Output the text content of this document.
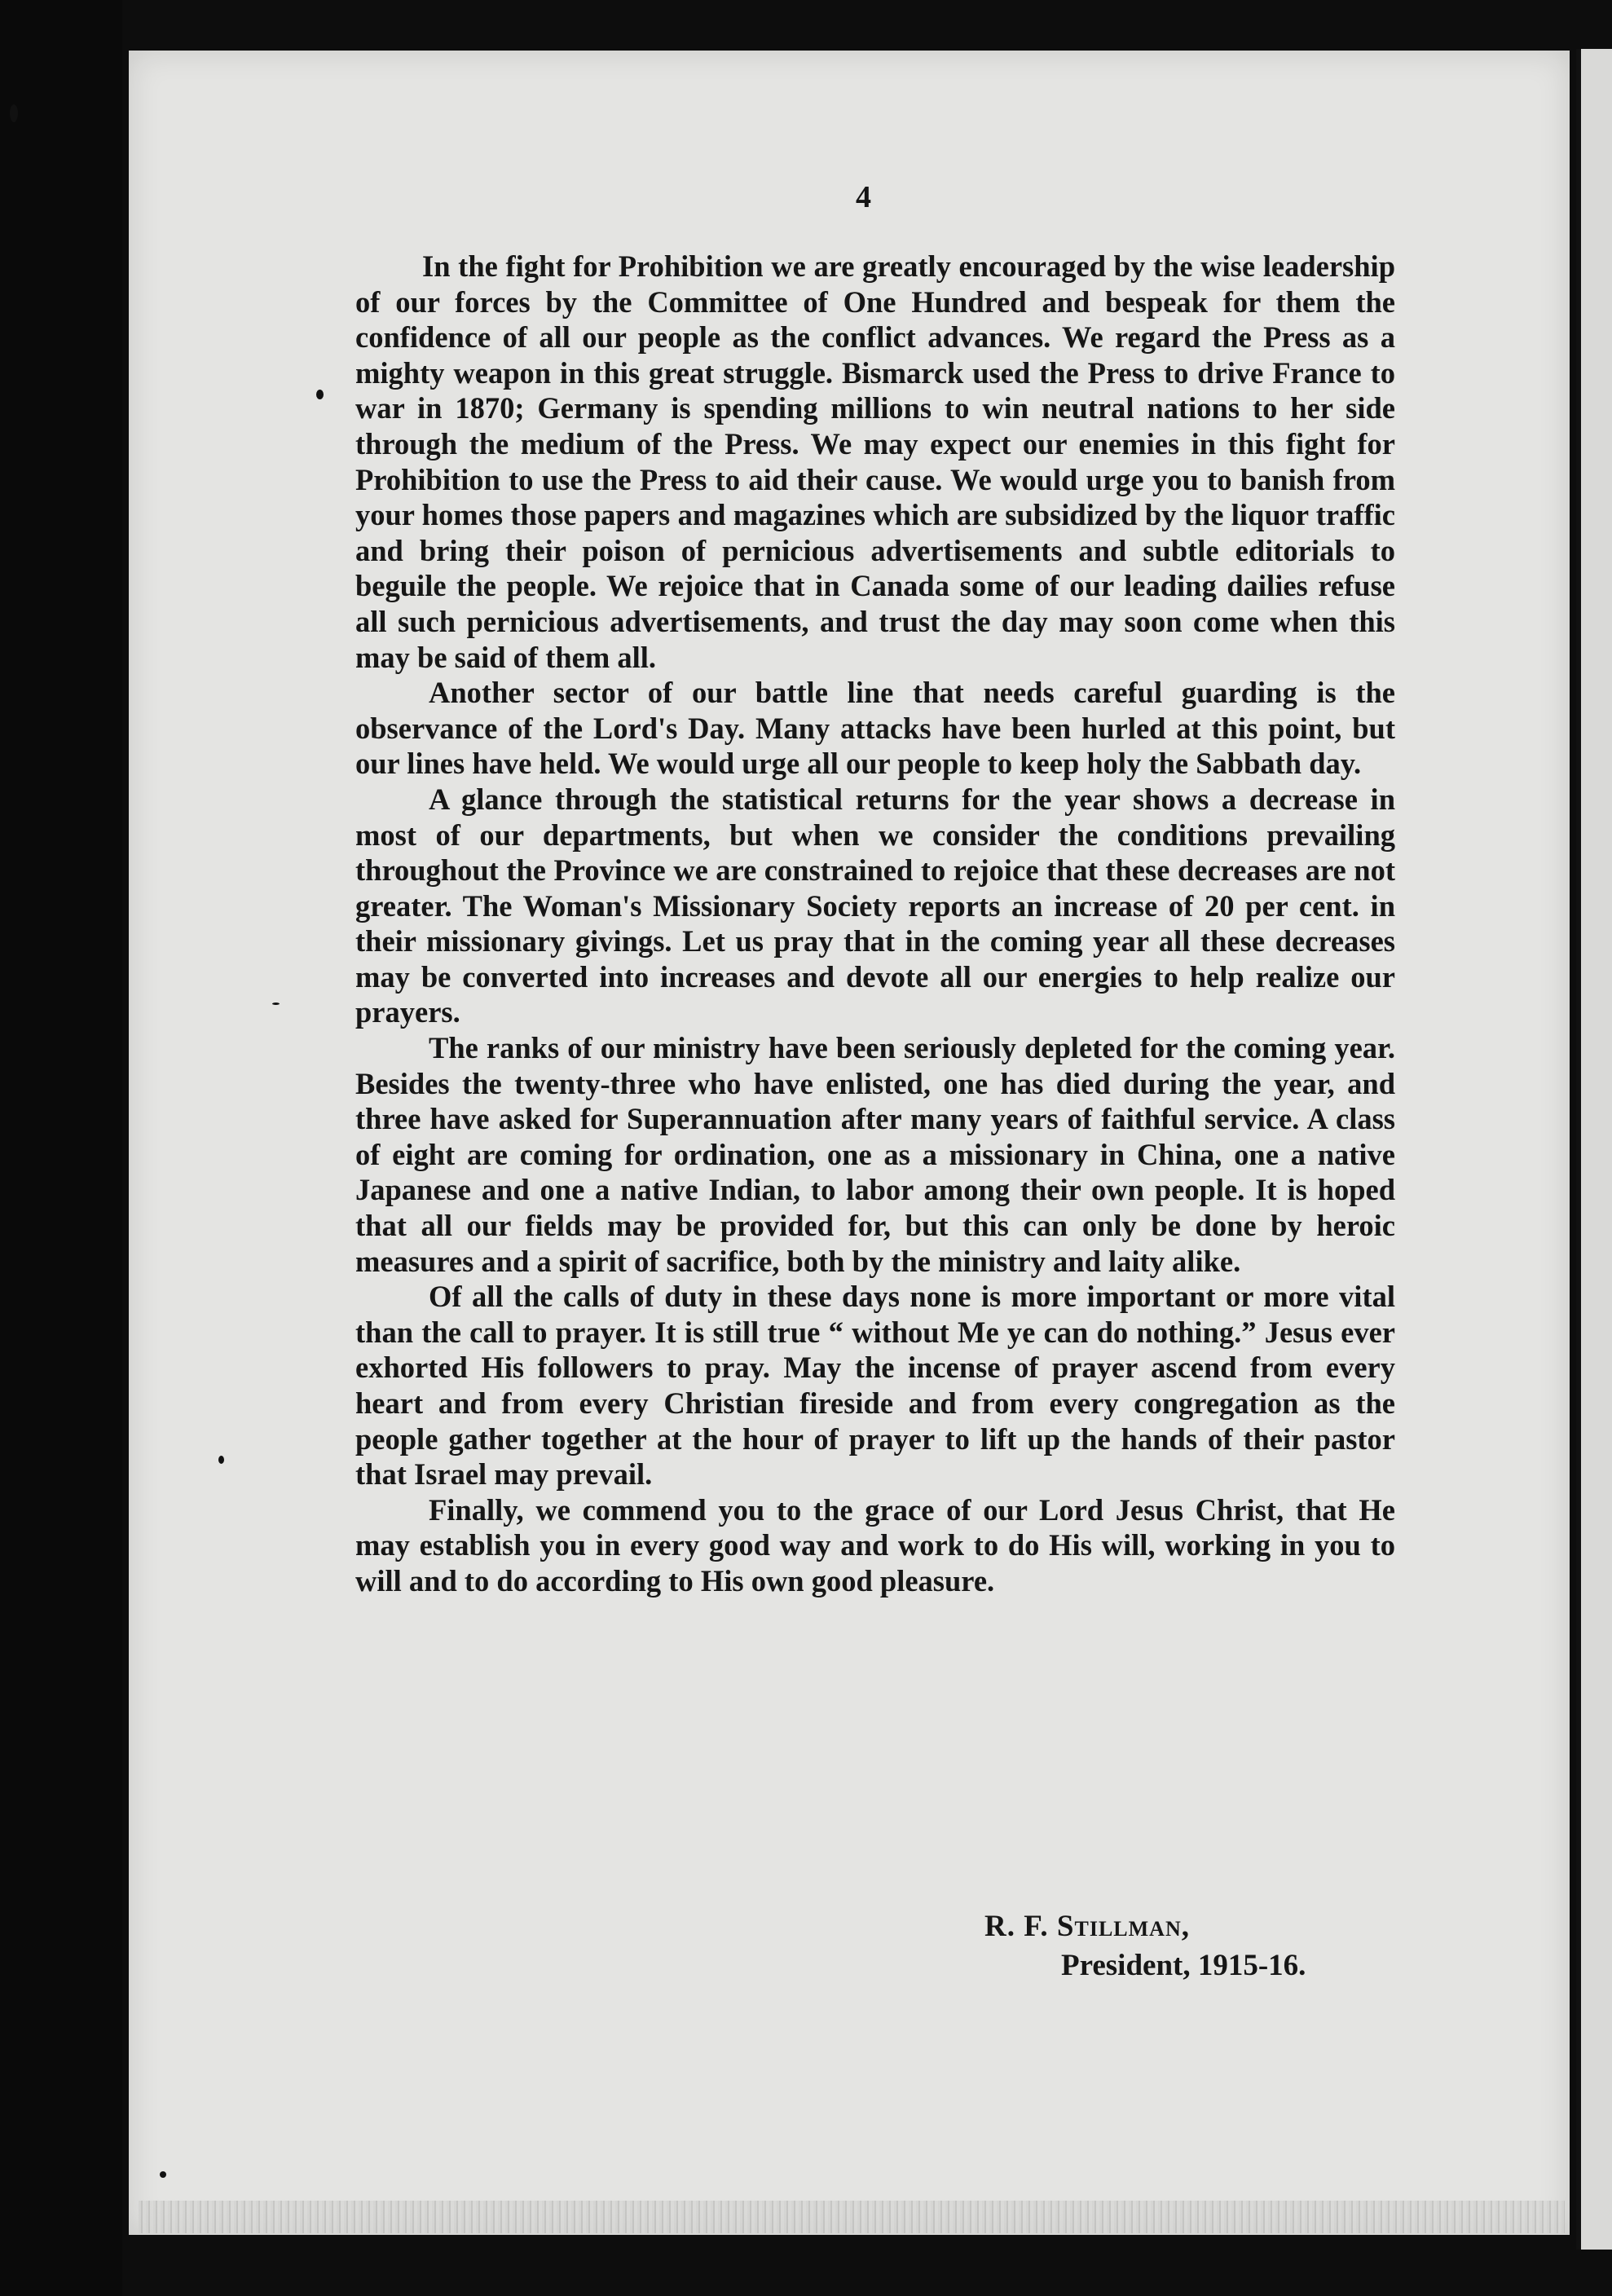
4

In the fight for Prohibition we are greatly encouraged by the wise leadership of our forces by the Committee of One Hundred and bespeak for them the confidence of all our people as the conflict advances. We regard the Press as a mighty weapon in this great struggle. Bismarck used the Press to drive France to war in 1870; Germany is spending millions to win neutral nations to her side through the medium of the Press. We may expect our enemies in this fight for Prohibition to use the Press to aid their cause. We would urge you to banish from your homes those papers and magazines which are subsidized by the liquor traffic and bring their poison of pernicious advertisements and subtle editorials to beguile the people. We rejoice that in Canada some of our leading dailies refuse all such pernicious advertisements, and trust the day may soon come when this may be said of them all.

Another sector of our battle line that needs careful guarding is the observance of the Lord's Day. Many attacks have been hurled at this point, but our lines have held. We would urge all our people to keep holy the Sabbath day.

A glance through the statistical returns for the year shows a decrease in most of our departments, but when we consider the conditions prevailing throughout the Province we are constrained to rejoice that these decreases are not greater. The Woman's Missionary Society reports an increase of 20 per cent. in their missionary givings. Let us pray that in the coming year all these decreases may be converted into increases and devote all our energies to help realize our prayers.

The ranks of our ministry have been seriously depleted for the coming year. Besides the twenty-three who have enlisted, one has died during the year, and three have asked for Superannuation after many years of faithful service. A class of eight are coming for ordination, one as a missionary in China, one a native Japanese and one a native Indian, to labor among their own people. It is hoped that all our fields may be provided for, but this can only be done by heroic measures and a spirit of sacrifice, both by the ministry and laity alike.

Of all the calls of duty in these days none is more important or more vital than the call to prayer. It is still true “ without Me ye can do nothing.” Jesus ever exhorted His followers to pray. May the incense of prayer ascend from every heart and from every Christian fireside and from every congregation as the people gather together at the hour of prayer to lift up the hands of their pastor that Israel may prevail.

Finally, we commend you to the grace of our Lord Jesus Christ, that He may establish you in every good way and work to do His will, working in you to will and to do according to His own good pleasure.

R. F. Stillman,
President, 1915-16.
